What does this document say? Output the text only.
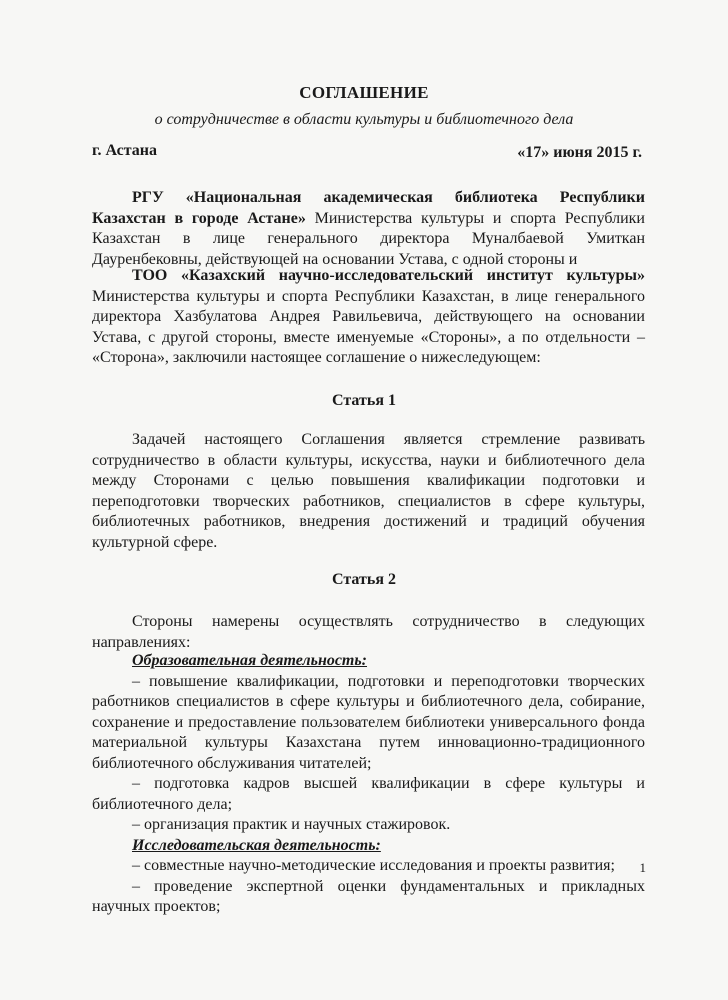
СОГЛАШЕНИЕ
о сотрудничестве в области культуры и библиотечного дела
г. Астана	«17» июня 2015 г.

РГУ «Национальная академическая библиотека Республики Казахстан в городе Астане» Министерства культуры и спорта Республики Казахстан в лице генерального директора Муналбаевой Умиткан Дауренбековны, действующей на основании Устава, с одной стороны и

ТОО «Казахский научно-исследовательский институт культуры» Министерства культуры и спорта Республики Казахстан, в лице генерального директора Хазбулатова Андрея Равильевича, действующего на основании Устава, с другой стороны, вместе именуемые «Стороны», а по отдельности – «Сторона», заключили настоящее соглашение о нижеследующем:

Статья 1

Задачей настоящего Соглашения является стремление развивать сотрудничество в области культуры, искусства, науки и библиотечного дела между Сторонами с целью повышения квалификации подготовки и переподготовки творческих работников, специалистов в сфере культуры, библиотечных работников, внедрения достижений и традиций обучения культурной сфере.

Статья 2

Стороны намерены осуществлять сотрудничество в следующих направлениях:

Образовательная деятельность:

– повышение квалификации, подготовки и переподготовки творческих работников специалистов в сфере культуры и библиотечного дела, собирание, сохранение и предоставление пользователем библиотеки универсального фонда материальной культуры Казахстана путем инновационно-традиционного библиотечного обслуживания читателей;

– подготовка кадров высшей квалификации в сфере культуры и библиотечного дела;

– организация практик и научных стажировок.

Исследовательская деятельность:

– совместные научно-методические исследования и проекты развития;

– проведение экспертной оценки фундаментальных и прикладных научных проектов;

1
